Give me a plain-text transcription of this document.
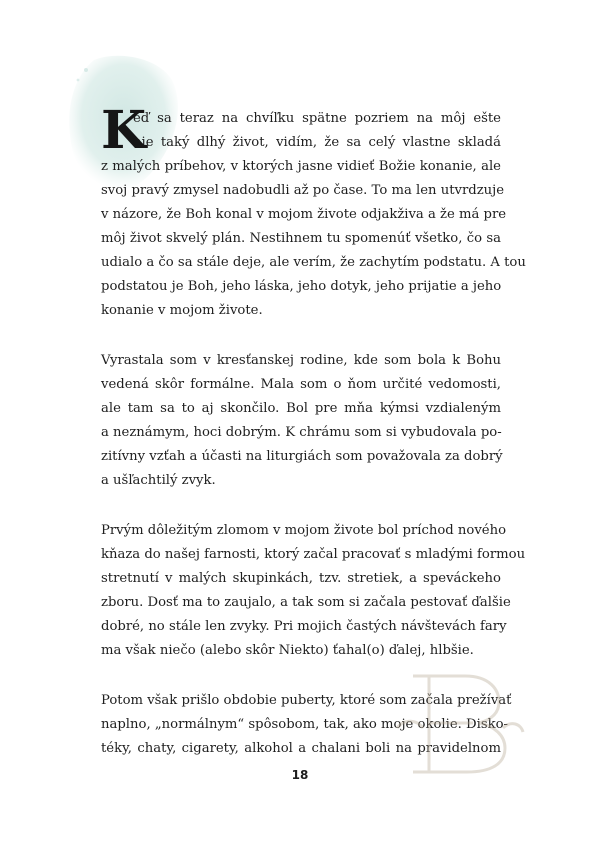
K
eď sa teraz na chvíľku spätne pozriem na môj ešte
nie taký dlhý život, vidím, že sa celý vlastne skladá
z malých príbehov, v ktorých jasne vidieť Božie konanie, ale
svoj pravý zmysel nadobudli až po čase. To ma len utvrdzuje
v názore, že Boh konal v mojom živote odjakživa a že má pre
môj život skvelý plán. Nestihnem tu spomenúť všetko, čo sa
udialo a čo sa stále deje, ale verím, že zachytím podstatu. A tou
podstatou je Boh, jeho láska, jeho dotyk, jeho prijatie a jeho
konanie v mojom živote.
Vyrastala som v kresťanskej rodine, kde som bola k Bohu
vedená skôr formálne. Mala som o ňom určité vedomosti,
ale tam sa to aj skončilo. Bol pre mňa kýmsi vzdialeným
a neznámym, hoci dobrým. K chrámu som si vybudovala po-
zitívny vzťah a účasti na liturgiách som považovala za dobrý
a ušľachtilý zvyk.
Prvým dôležitým zlomom v mojom živote bol príchod nového
kňaza do našej farnosti, ktorý začal pracovať s mladými formou
stretnutí v malých skupinkách, tzv. stretiek, a speváckeho
zboru. Dosť ma to zaujalo, a tak som si začala pestovať ďalšie
dobré, no stále len zvyky. Pri mojich častých návštevách fary
ma však niečo (alebo skôr Niekto) ťahal(o) ďalej, hlbšie.
Potom však prišlo obdobie puberty, ktoré som začala prežívať
naplno, „normálnym“ spôsobom, tak, ako moje okolie. Disko-
téky, chaty, cigarety, alkohol a chalani boli na pravidelnom
18
